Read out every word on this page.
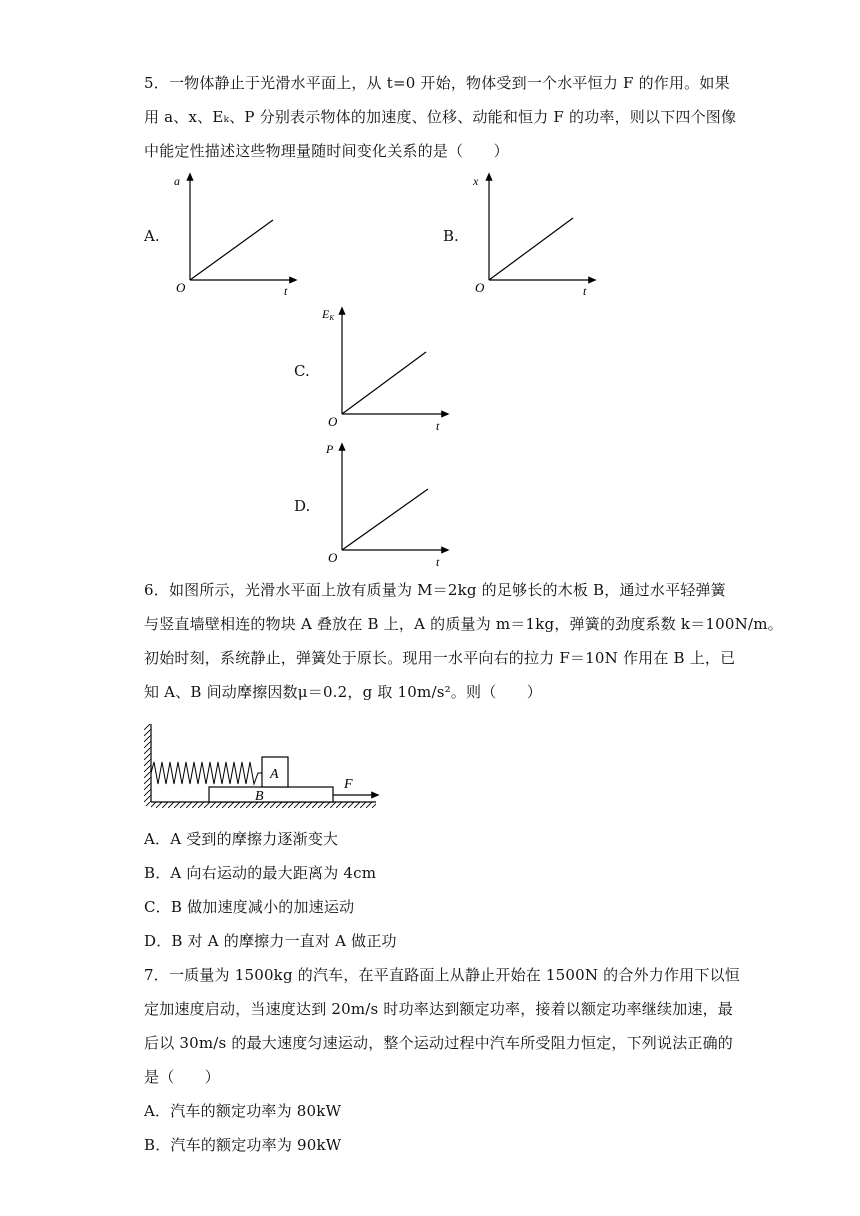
5．一物体静止于光滑水平面上，从 t=0 开始，物体受到一个水平恒力 F 的作用。如果
用 a、x、Eₖ、P 分别表示物体的加速度、位移、动能和恒力 F 的功率，则以下四个图像
中能定性描述这些物理量随时间变化关系的是（　　）
A.
a
O	t
B.
x
O	t
C.
EK
O	t
D.
P
O	t
6．如图所示，光滑水平面上放有质量为 M＝2kg 的足够长的木板 B，通过水平轻弹簧
与竖直墙壁相连的物块 A 叠放在 B 上，A 的质量为 m＝1kg，弹簧的劲度系数 k＝100N/m。
初始时刻，系统静止，弹簧处于原长。现用一水平向右的拉力 F＝10N 作用在 B 上，已
知 A、B 间动摩擦因数μ＝0.2，g 取 10m/s²。则（　　）
B
A
F
A．A 受到的摩擦力逐渐变大
B．A 向右运动的最大距离为 4cm
C．B 做加速度减小的加速运动
D．B 对 A 的摩擦力一直对 A 做正功
7．一质量为 1500kg 的汽车，在平直路面上从静止开始在 1500N 的合外力作用下以恒
定加速度启动，当速度达到 20m/s 时功率达到额定功率，接着以额定功率继续加速，最
后以 30m/s 的最大速度匀速运动，整个运动过程中汽车所受阻力恒定，下列说法正确的
是（　　）
A．汽车的额定功率为 80kW
B．汽车的额定功率为 90kW
